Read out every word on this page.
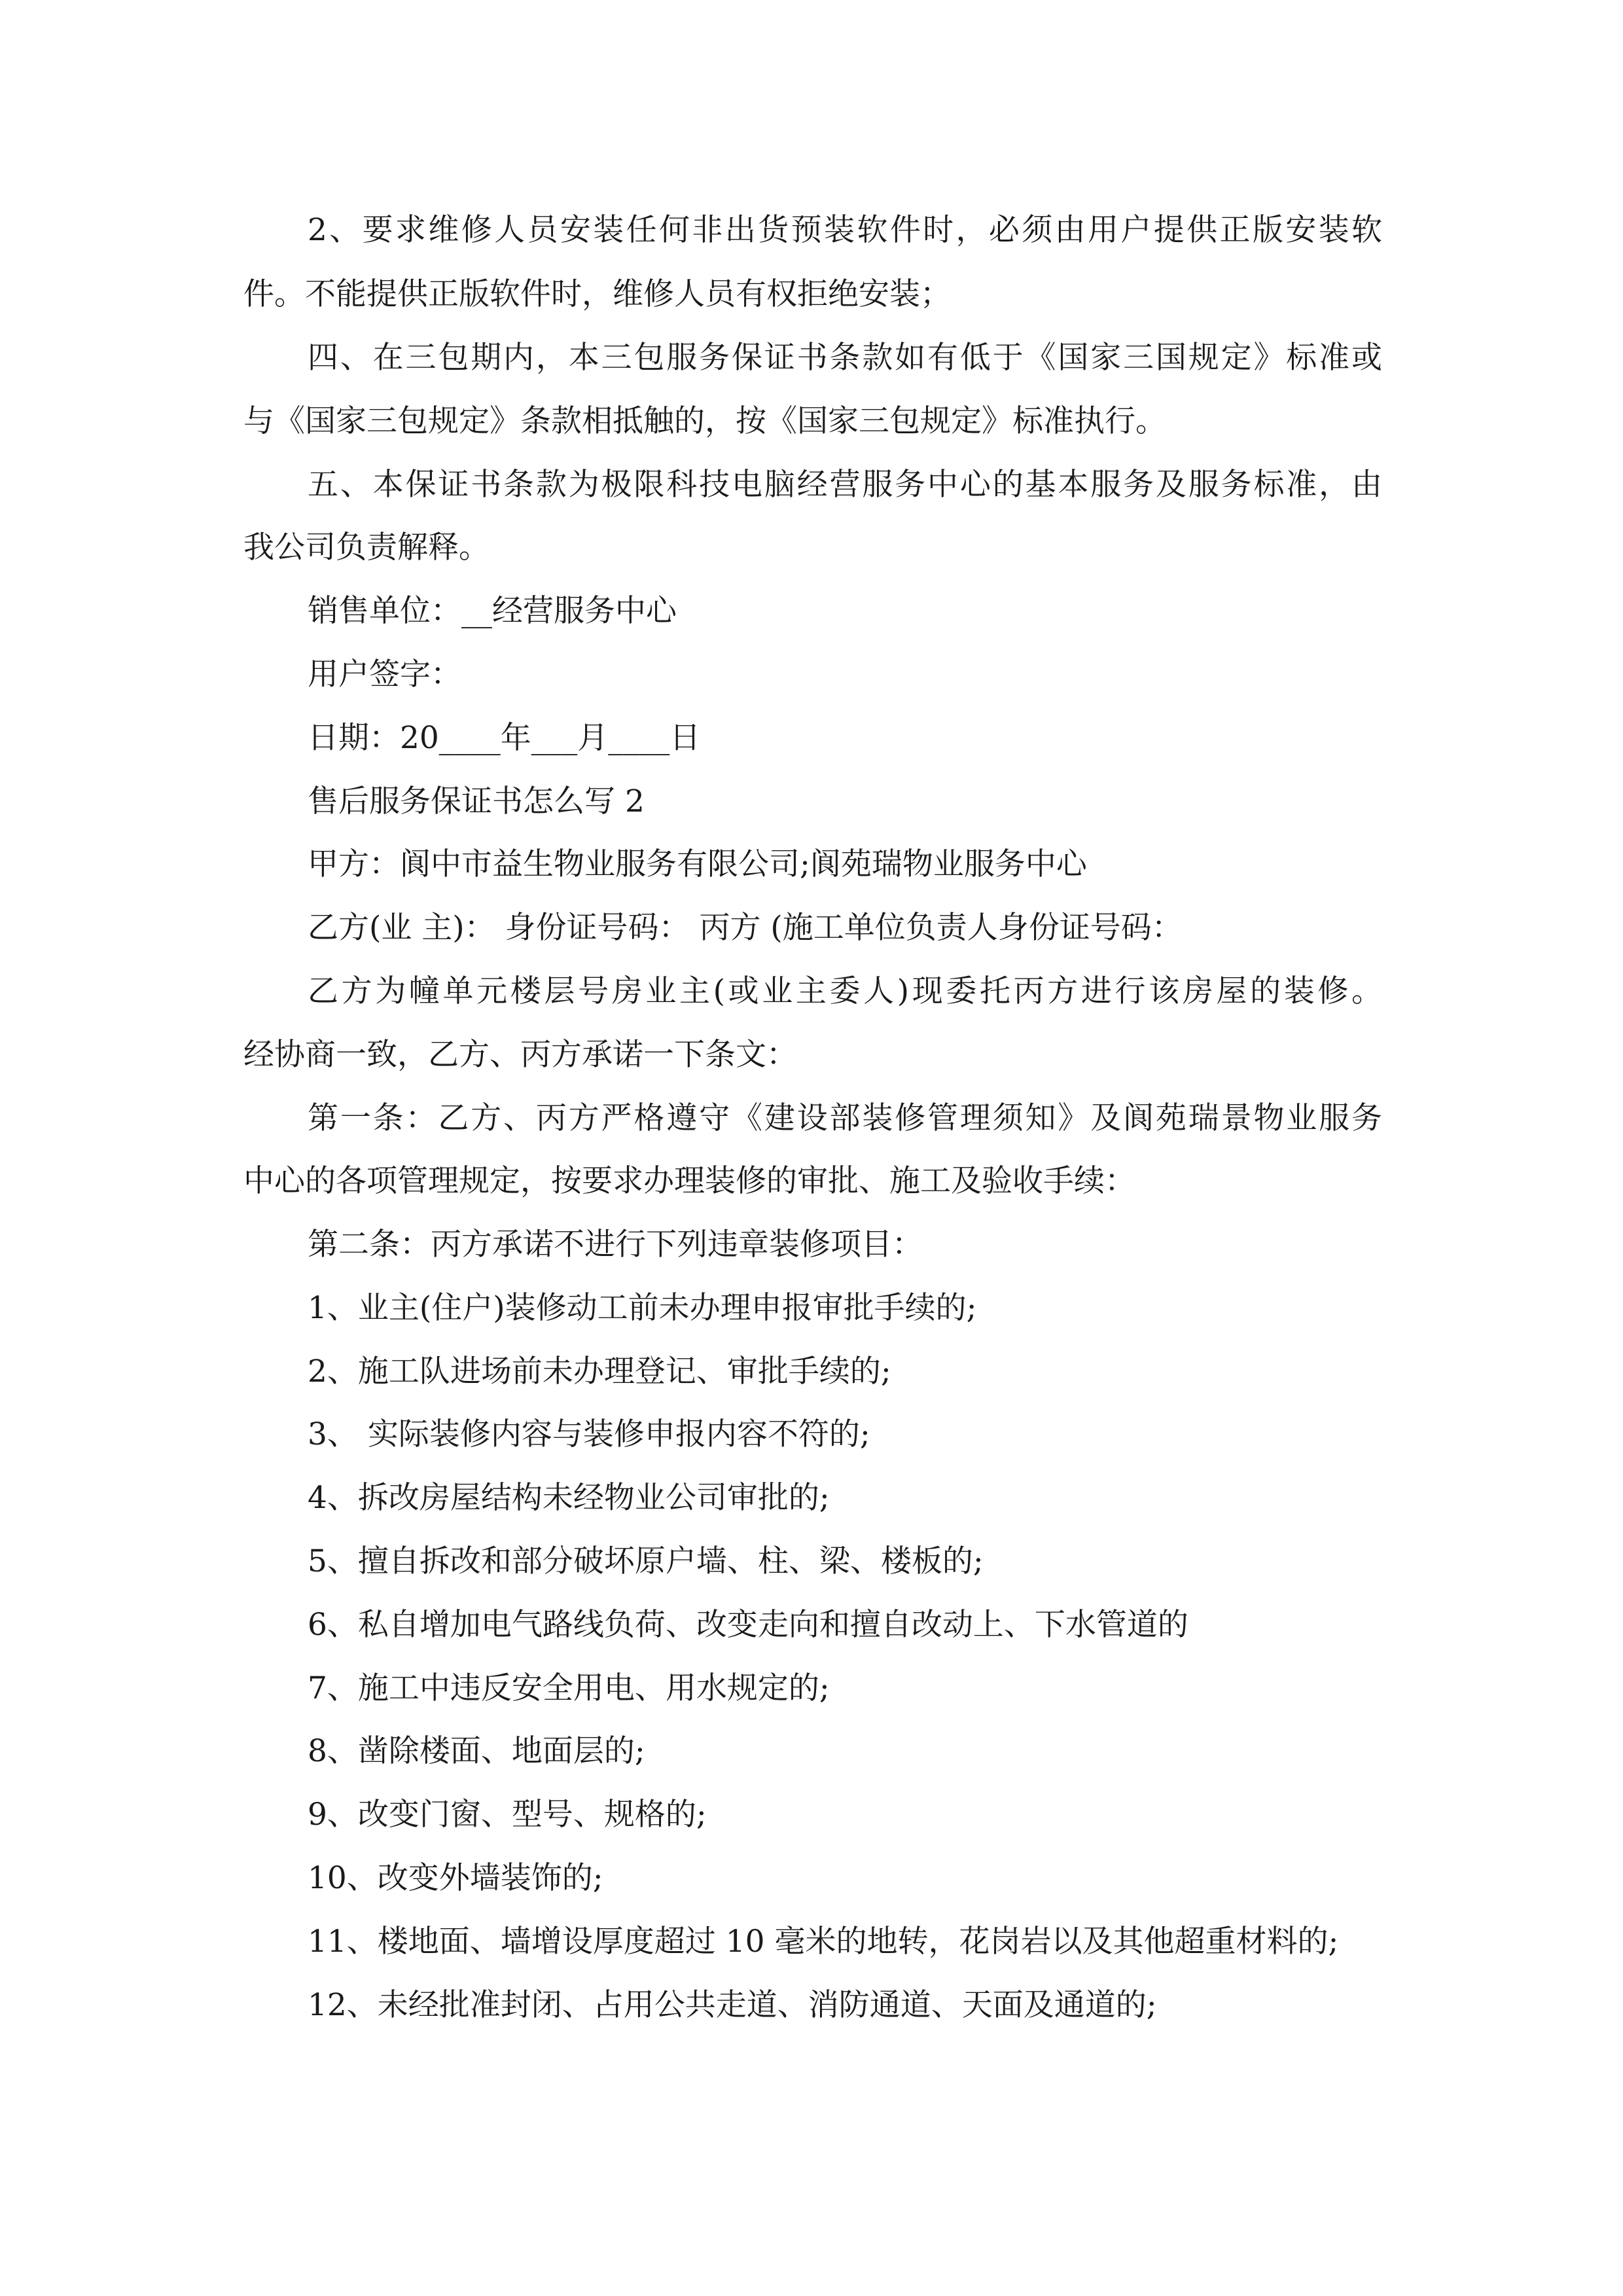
2、要求维修人员安装任何非出货预装软件时，必须由用户提供正版安装软
件。不能提供正版软件时，维修人员有权拒绝安装；
四、在三包期内，本三包服务保证书条款如有低于《国家三国规定》标准或
与《国家三包规定》条款相抵触的，按《国家三包规定》标准执行。
五、本保证书条款为极限科技电脑经营服务中心的基本服务及服务标准，由
我公司负责解释。
销售单位：__经营服务中心
用户签字：
日期：20____年___月____日
售后服务保证书怎么写 2
甲方：阆中市益生物业服务有限公司;阆苑瑞物业服务中心
乙方(业 主)： 身份证号码： 丙方 (施工单位负责人身份证号码：
乙方为幢单元楼层号房业主(或业主委人)现委托丙方进行该房屋的装修。
经协商一致，乙方、丙方承诺一下条文：
第一条：乙方、丙方严格遵守《建设部装修管理须知》及阆苑瑞景物业服务
中心的各项管理规定，按要求办理装修的审批、施工及验收手续：
第二条：丙方承诺不进行下列违章装修项目：
1、业主(住户)装修动工前未办理申报审批手续的;
2、施工队进场前未办理登记、审批手续的;
3、 实际装修内容与装修申报内容不符的;
4、拆改房屋结构未经物业公司审批的;
5、擅自拆改和部分破坏原户墙、柱、梁、楼板的;
6、私自增加电气路线负荷、改变走向和擅自改动上、下水管道的
7、施工中违反安全用电、用水规定的;
8、凿除楼面、地面层的;
9、改变门窗、型号、规格的;
10、改变外墙装饰的;
11、楼地面、墙增设厚度超过 10 毫米的地转，花岗岩以及其他超重材料的;
12、未经批准封闭、占用公共走道、消防通道、天面及通道的;
